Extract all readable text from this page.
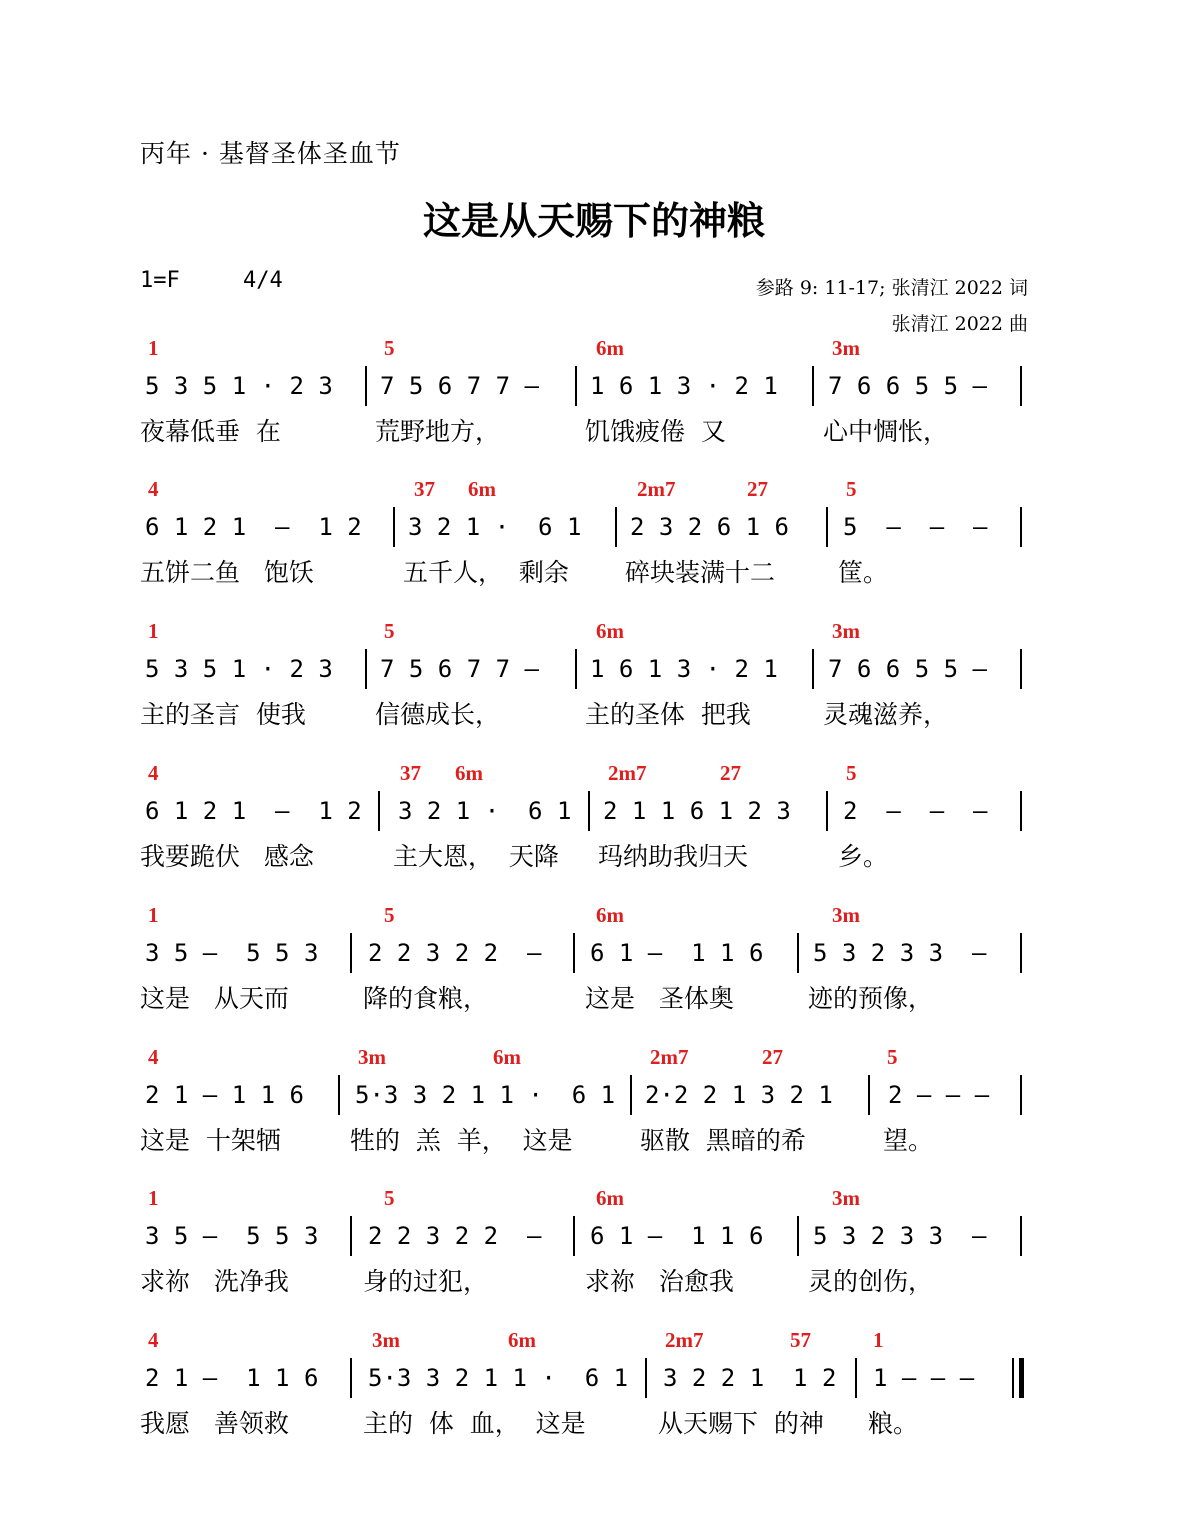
丙年 · 基督圣体圣血节
这是从天赐下的神粮
1=F	4/4	参路 9: 11-17; 张清江 2022 词
张清江 2022 曲
1	5	6m	3m
5 3 5 1 · 2 3
夜幕低垂  在
7 5 6 7 7 –
荒野地方，
1 6 1 3 · 2 1
饥饿疲倦  又
7 6 6 5 5 –
心中惆怅，
4	37 6m	2m7	27	5
6 1 2 1  –  1 2
五饼二鱼   饱饫
3 2 1 ·  6 1
五千人，  剩余
2 3 2 6 1 6
碎块装满十二
5  –  –  –
筐。
1	5	6m	3m
5 3 5 1 · 2 3
主的圣言  使我
7 5 6 7 7 –
信德成长，
1 6 1 3 · 2 1
主的圣体  把我
7 6 6 5 5 –
灵魂滋养，
4	37 6m	2m7	27	5
6 1 2 1  –  1 2
我要跪伏   感念
3 2 1 ·  6 1
主大恩，  天降
2 1 1 6 1 2 3
玛纳助我归天
2  –  –  –
乡。
1	5	6m	3m
3 5 –  5 5 3
这是   从天而
2 2 3 2 2  –
降的食粮，
6 1 –  1 1 6
这是   圣体奥
5 3 2 3 3  –
迹的预像，
4	3m	6m	2m7	27	5
2 1 – 1 1 6
这是  十架牺
5·3 3 2 1 1 ·  6 1
牲的  羔  羊，  这是
2·2 2 1 3 2 1
驱散  黑暗的希
2 – – –
望。
1	5	6m	3m
3 5 –  5 5 3
求祢   洗净我
2 2 3 2 2  –
身的过犯，
6 1 –  1 1 6
求祢   治愈我
5 3 2 3 3  –
灵的创伤，
4	3m	6m	2m7	57	1
2 1 –  1 1 6
我愿   善领救
5·3 3 2 1 1 ·  6 1
主的  体  血，  这是
3 2 2 1  1 2
从天赐下  的神
1 – – –
粮。
